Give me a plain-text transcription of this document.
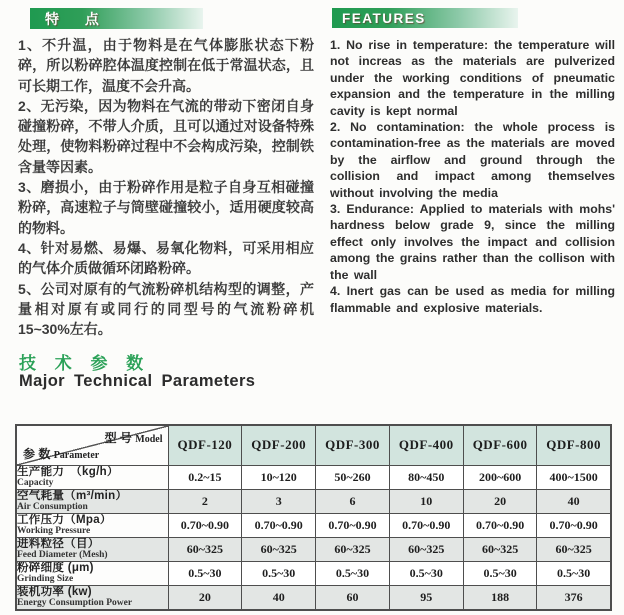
特 点	FEATURES

1、不升温，由于物料是在气体膨胀状态下粉碎，所以粉碎腔体温度控制在低于常温状态，且可长期工作，温度不会升高。

2、无污染，因为物料在气流的带动下密闭自身碰撞粉碎，不带人介质，且可以通过对设备特殊处理，使物料粉碎过程中不会构成污染，控制铁含量等因素。

3、磨损小，由于粉碎作用是粒子自身互相碰撞粉碎，高速粒子与筒壁碰撞较小，适用硬度较高的物料。

4、针对易燃、易爆、易氧化物料，可采用相应的气体介质做循环闭路粉碎。

5、公司对原有的气流粉碎机结构型的调整，产量相对原有或同行的同型号的气流粉碎机15~30%左右。

1. No rise in temperature: the temperature will not increas as the materials are pulverized under the working conditions of pneumatic expansion and the temperature in the milling cavity is kept normal

2. No contamination: the whole process is contamination-free as the materials are moved by the airflow and ground through the collision and impact among themselves without involving the media

3. Endurance: Applied to materials with mohs' hardness below grade 9, since the milling effect only involves the impact and collision among the grains rather than the collison with the wall

4. Inert gas can be used as media for milling flammable and explosive materials.

技 术 参 数
Major Technical Parameters
型 号 Model
参 数 Parameter	QDF-120	QDF-200	QDF-300	QDF-400	QDF-600	QDF-800

生产能力　（kg/h）
Capacity	0.2~15	10~120	50~260	80~450	200~600	400~1500

空气耗量（m³/min）
Air Consumption	2	3	6	10	20	40

工作压力（Mpa）
Working Pressure	0.70~0.90	0.70~0.90	0.70~0.90	0.70~0.90	0.70~0.90	0.70~0.90

进料粒径（目）
Feed Diameter (Mesh)	60~325	60~325	60~325	60~325	60~325	60~325

粉碎细度 (μm)
Grinding Size	0.5~30	0.5~30	0.5~30	0.5~30	0.5~30	0.5~30

装机功率 (kw)
Energy Consumption Power	20	40	60	95	188	376
